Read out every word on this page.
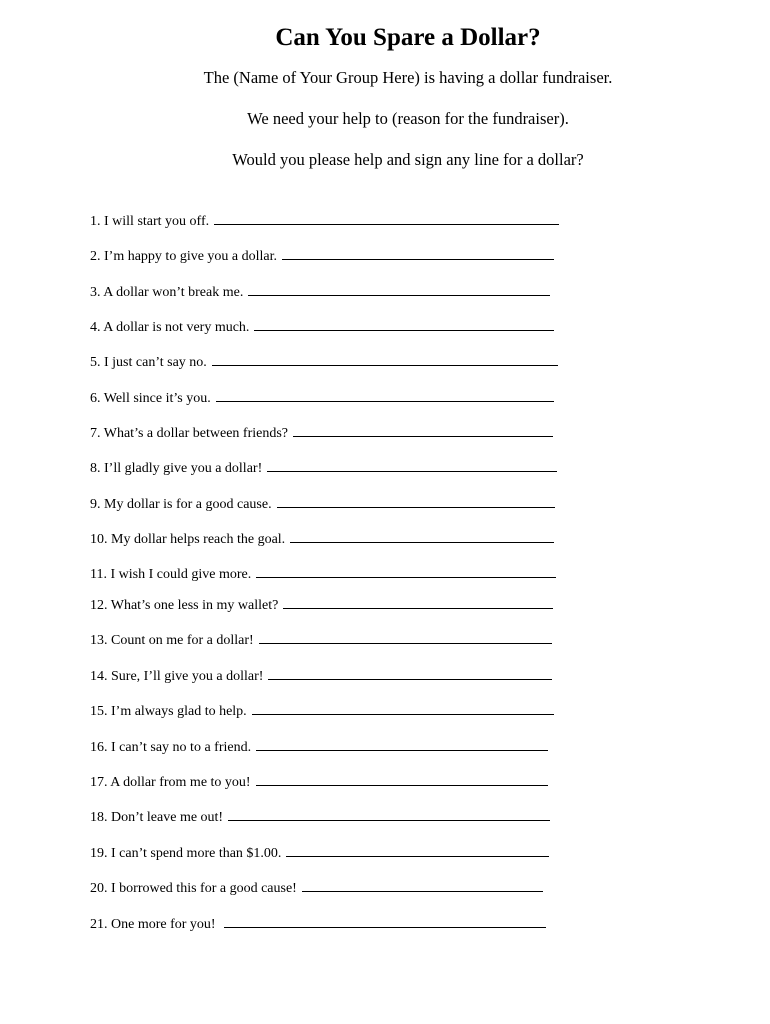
Can You Spare a Dollar?
The (Name of Your Group Here) is having a dollar fundraiser.
We need your help to (reason for the fundraiser).
Would you please help and sign any line for a dollar?
1. I will start you off.
2. I’m happy to give you a dollar.
3. A dollar won’t break me.
4. A dollar is not very much.
5. I just can’t say no.
6. Well since it’s you.
7. What’s a dollar between friends?
8. I’ll gladly give you a dollar!
9. My dollar is for a good cause.
10. My dollar helps reach the goal.
11. I wish I could give more.
12. What’s one less in my wallet?
13. Count on me for a dollar!
14. Sure, I’ll give you a dollar!
15. I’m always glad to help.
16. I can’t say no to a friend.
17. A dollar from me to you!
18. Don’t leave me out!
19. I can’t spend more than $1.00.
20. I borrowed this for a good cause!
21. One more for you!
